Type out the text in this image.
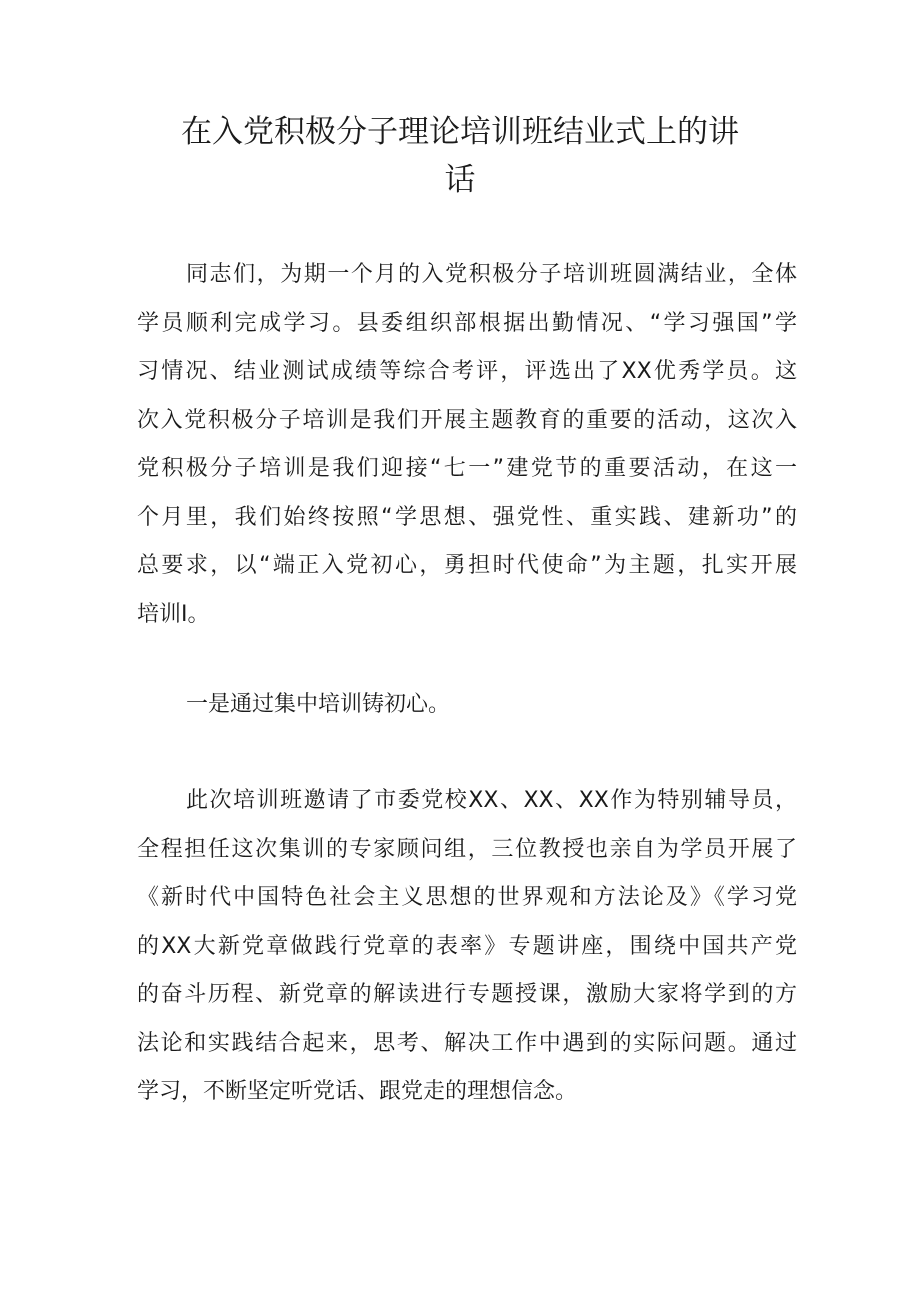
在入党积极分子理论培训班结业式上的讲
话
同志们，为期一个月的入党积极分子培训班圆满结业，全体
学员顺利完成学习。县委组织部根据出勤情况、“学习强国”学
习情况、结业测试成绩等综合考评，评选出了XX优秀学员。这
次入党积极分子培训是我们开展主题教育的重要的活动，这次入
党积极分子培训是我们迎接“七一”建党节的重要活动，在这一
个月里，我们始终按照“学思想、强党性、重实践、建新功”的
总要求，以“端正入党初心，勇担时代使命”为主题，扎实开展
培训I。
一是通过集中培训铸初心。
此次培训班邀请了市委党校XX、XX、XX作为特别辅导员，
全程担任这次集训的专家顾问组，三位教授也亲自为学员开展了
《新时代中国特色社会主义思想的世界观和方法论及》《学习党
的XX大新党章做践行党章的表率》专题讲座，围绕中国共产党
的奋斗历程、新党章的解读进行专题授课，激励大家将学到的方
法论和实践结合起来，思考、解决工作中遇到的实际问题。通过
学习，不断坚定听党话、跟党走的理想信念。
